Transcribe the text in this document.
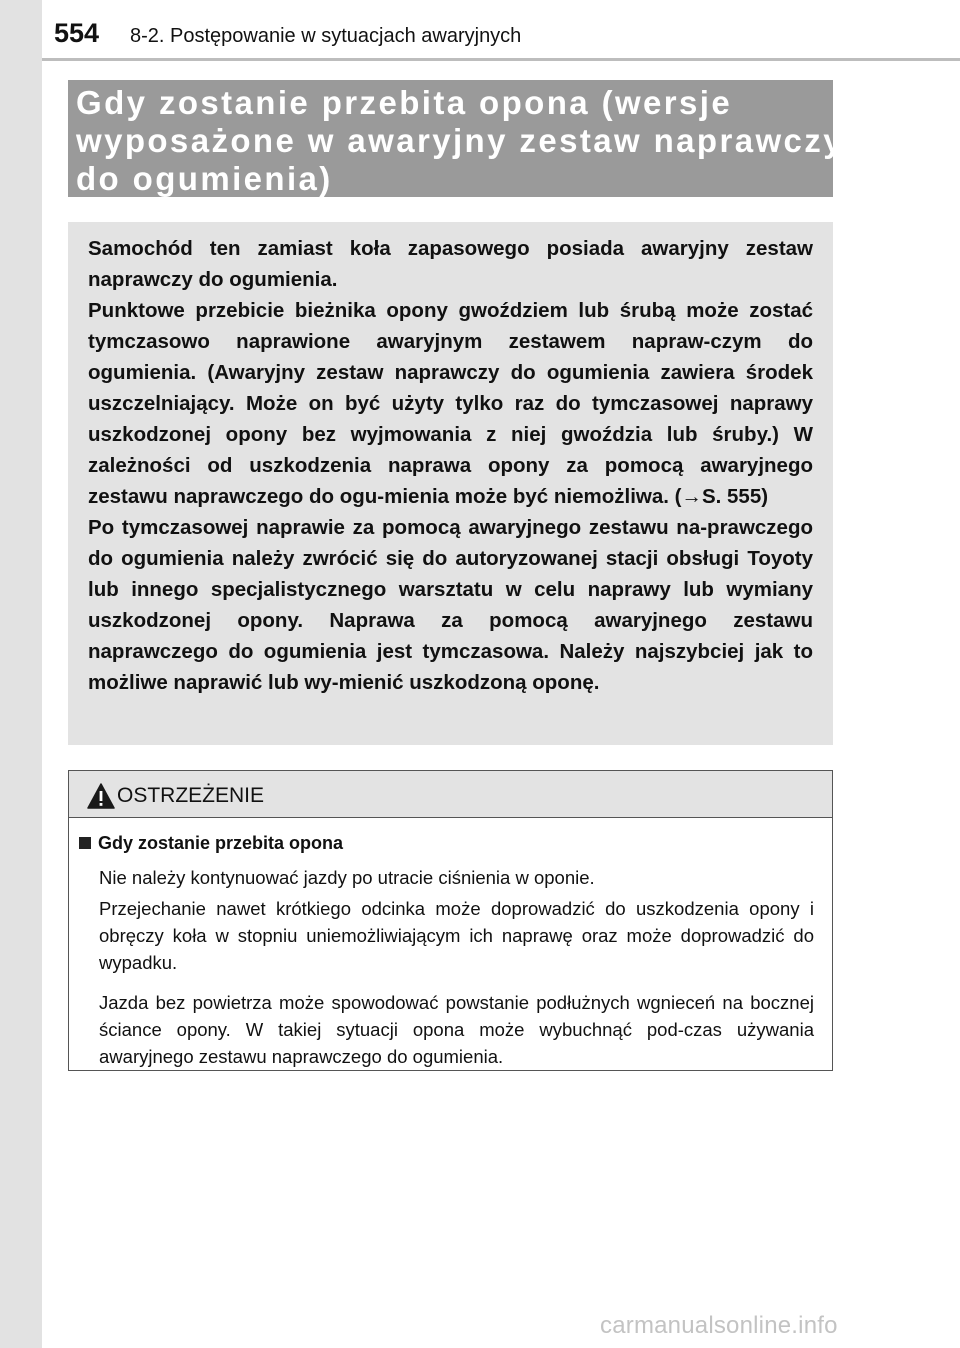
554 8-2. Postępowanie w sytuacjach awaryjnych
Gdy zostanie przebita opona (wersje
wyposażone w awaryjny zestaw naprawczy
do ogumienia)

Samochód ten zamiast koła zapasowego posiada awaryjny zestaw naprawczy do ogumienia.

Punktowe przebicie bieżnika opony gwoździem lub śrubą może zostać tymczasowo naprawione awaryjnym zestawem napraw-czym do ogumienia. (Awaryjny zestaw naprawczy do ogumienia zawiera środek uszczelniający. Może on być użyty tylko raz do tymczasowej naprawy uszkodzonej opony bez wyjmowania z niej gwoździa lub śruby.) W zależności od uszkodzenia naprawa opony za pomocą awaryjnego zestawu naprawczego do ogu-mienia może być niemożliwa. (→S. 555)

Po tymczasowej naprawie za pomocą awaryjnego zestawu na-prawczego do ogumienia należy zwrócić się do autoryzowanej stacji obsługi Toyoty lub innego specjalistycznego warsztatu w celu naprawy lub wymiany uszkodzonej opony. Naprawa za pomocą awaryjnego zestawu naprawczego do ogumienia jest tymczasowa. Należy najszybciej jak to możliwe naprawić lub wy-mienić uszkodzoną oponę.

OSTRZEŻENIE
Gdy zostanie przebita opona

Nie należy kontynuować jazdy po utracie ciśnienia w oponie.

Przejechanie nawet krótkiego odcinka może doprowadzić do uszkodzenia opony i obręczy koła w stopniu uniemożliwiającym ich naprawę oraz może doprowadzić do wypadku.

Jazda bez powietrza może spowodować powstanie podłużnych wgnieceń na bocznej ściance opony. W takiej sytuacji opona może wybuchnąć pod-czas używania awaryjnego zestawu naprawczego do ogumienia.

carmanualsonline.info
